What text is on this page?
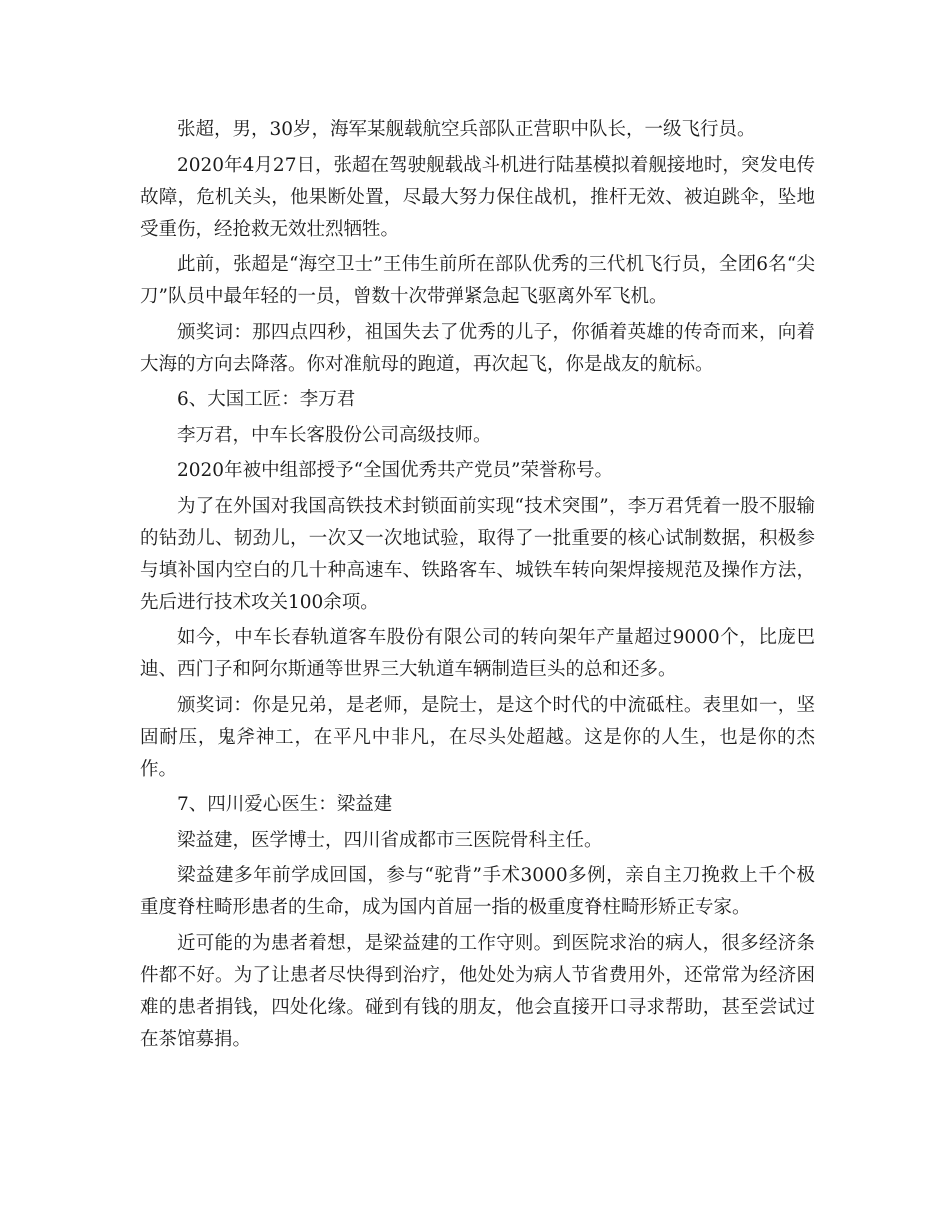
张超，男，30岁，海军某舰载航空兵部队正营职中队长，一级飞行员。

2020年4月27日，张超在驾驶舰载战斗机进行陆基模拟着舰接地时，突发电传故障，危机关头，他果断处置，尽最大努力保住战机，推杆无效、被迫跳伞，坠地受重伤，经抢救无效壮烈牺牲。

此前，张超是“海空卫士”王伟生前所在部队优秀的三代机飞行员，全团6名“尖刀”队员中最年轻的一员，曾数十次带弹紧急起飞驱离外军飞机。

颁奖词：那四点四秒，祖国失去了优秀的儿子，你循着英雄的传奇而来，向着大海的方向去降落。你对准航母的跑道，再次起飞，你是战友的航标。

6、大国工匠：李万君

李万君，中车长客股份公司高级技师。

2020年被中组部授予“全国优秀共产党员”荣誉称号。

为了在外国对我国高铁技术封锁面前实现“技术突围”，李万君凭着一股不服输的钻劲儿、韧劲儿，一次又一次地试验，取得了一批重要的核心试制数据，积极参与填补国内空白的几十种高速车、铁路客车、城铁车转向架焊接规范及操作方法，先后进行技术攻关100余项。

如今，中车长春轨道客车股份有限公司的转向架年产量超过9000个，比庞巴迪、西门子和阿尔斯通等世界三大轨道车辆制造巨头的总和还多。

颁奖词：你是兄弟，是老师，是院士，是这个时代的中流砥柱。表里如一，坚固耐压，鬼斧神工，在平凡中非凡，在尽头处超越。这是你的人生，也是你的杰作。

7、四川爱心医生：梁益建

梁益建，医学博士，四川省成都市三医院骨科主任。

梁益建多年前学成回国，参与“驼背”手术3000多例，亲自主刀挽救上千个极重度脊柱畸形患者的生命，成为国内首屈一指的极重度脊柱畸形矫正专家。

近可能的为患者着想，是梁益建的工作守则。到医院求治的病人，很多经济条件都不好。为了让患者尽快得到治疗，他处处为病人节省费用外，还常常为经济困难的患者捐钱，四处化缘。碰到有钱的朋友，他会直接开口寻求帮助，甚至尝试过在茶馆募捐。
